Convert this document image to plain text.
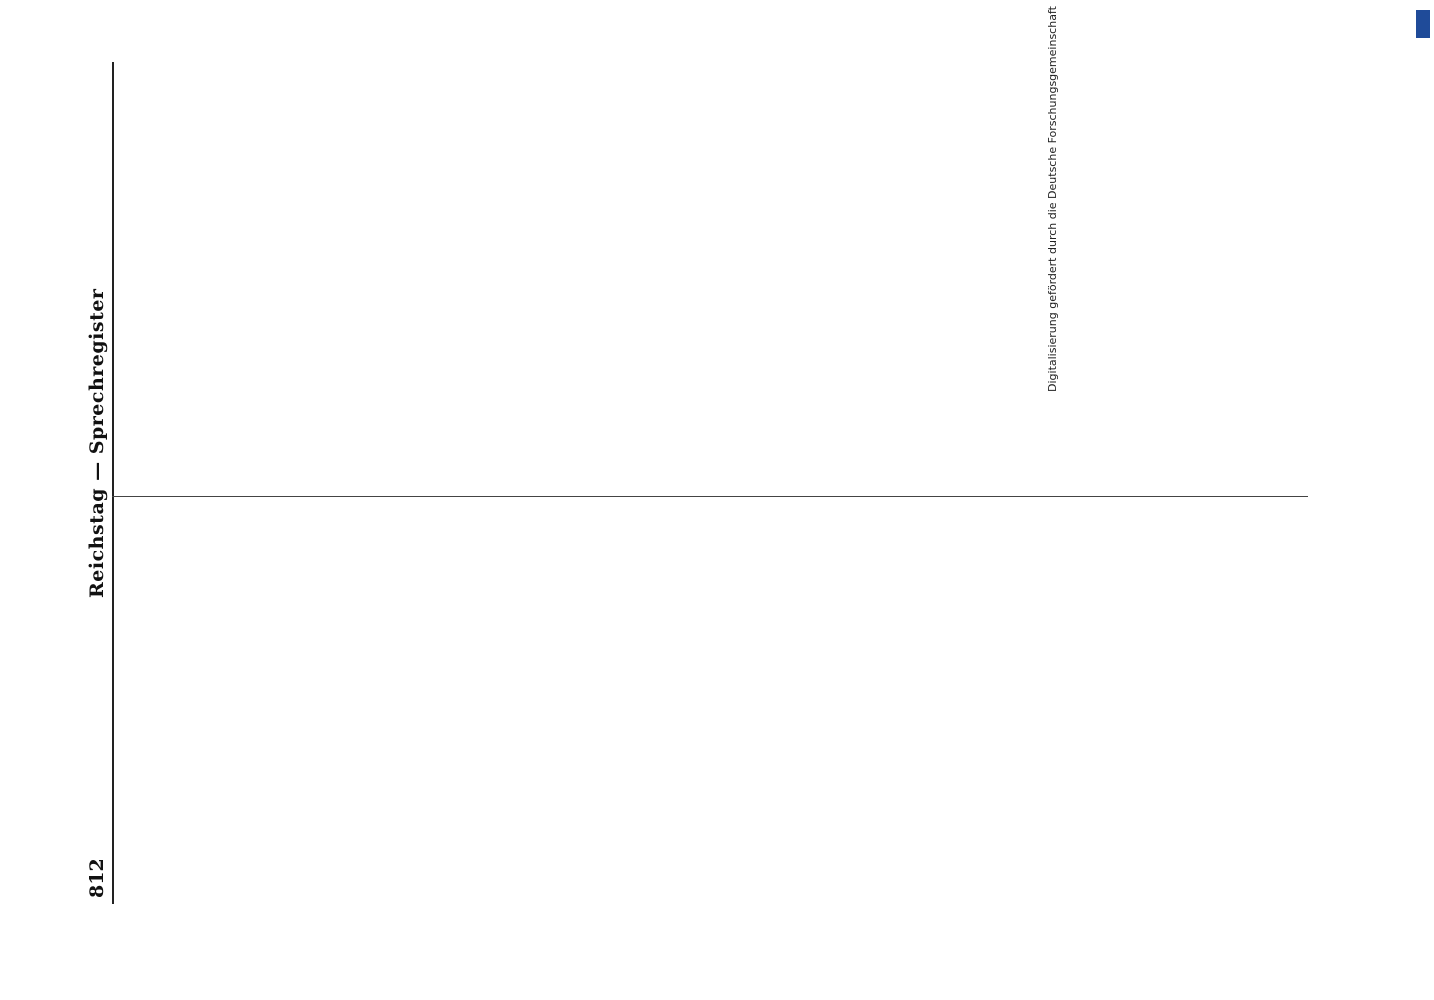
812
Reichstag — Sprechregister
Digitalisierung gefördert durch die Deutsche Forschungsgemeinschaft
